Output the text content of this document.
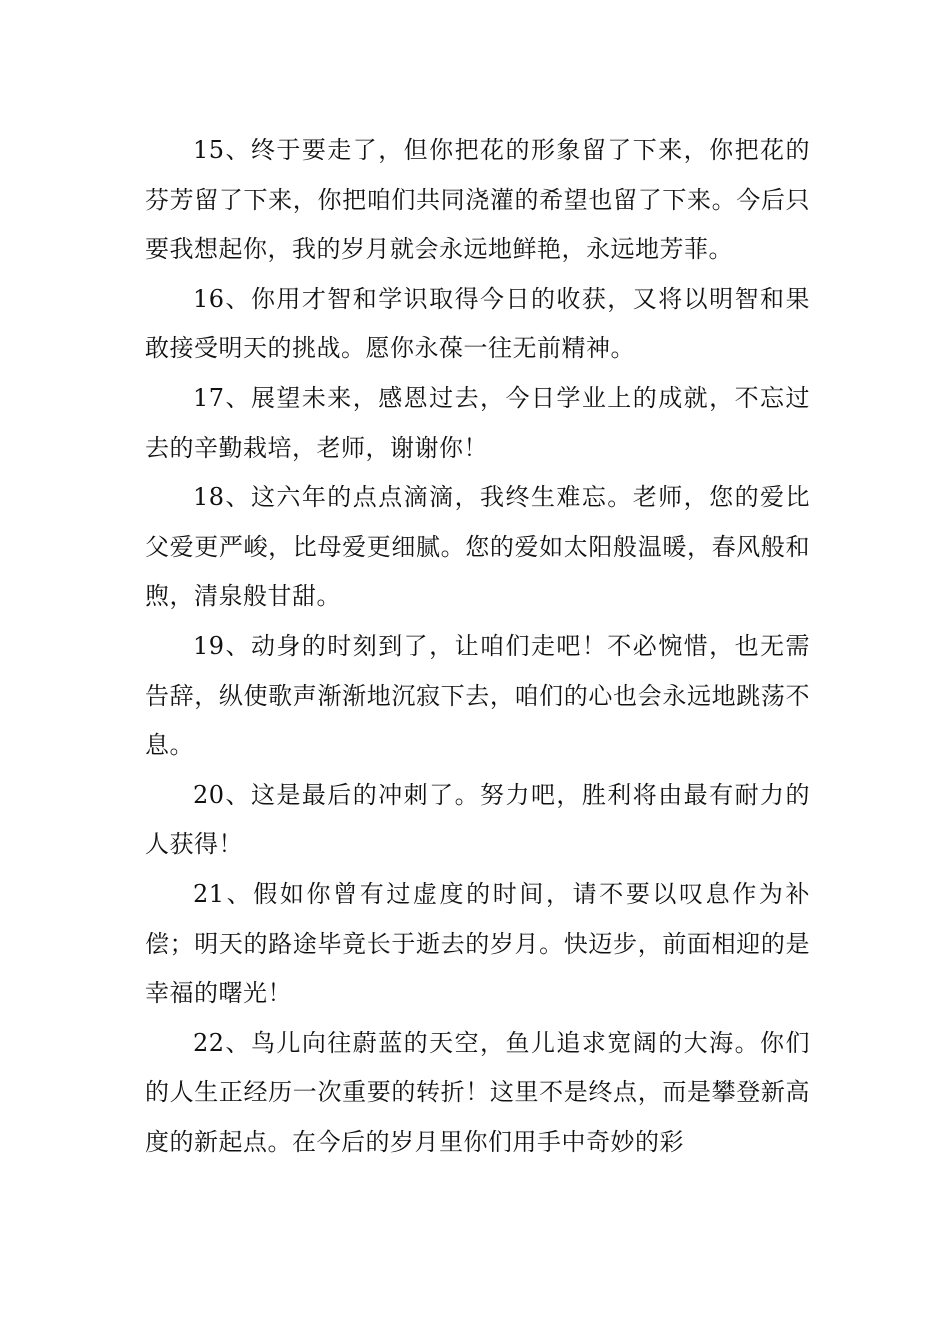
15、终于要走了，但你把花的形象留了下来，你把花的芬芳留了下来，你把咱们共同浇灌的希望也留了下来。今后只要我想起你，我的岁月就会永远地鲜艳，永远地芳菲。

16、你用才智和学识取得今日的收获，又将以明智和果敢接受明天的挑战。愿你永葆一往无前精神。

17、展望未来，感恩过去，今日学业上的成就，不忘过去的辛勤栽培，老师，谢谢你！

18、这六年的点点滴滴，我终生难忘。老师，您的爱比父爱更严峻，比母爱更细腻。您的爱如太阳般温暖，春风般和煦，清泉般甘甜。

19、动身的时刻到了，让咱们走吧！不必惋惜，也无需告辞，纵使歌声渐渐地沉寂下去，咱们的心也会永远地跳荡不息。

20、这是最后的冲刺了。努力吧，胜利将由最有耐力的人获得！

21、假如你曾有过虚度的时间，请不要以叹息作为补偿；明天的路途毕竟长于逝去的岁月。快迈步，前面相迎的是幸福的曙光！

22、鸟儿向往蔚蓝的天空，鱼儿追求宽阔的大海。你们的人生正经历一次重要的转折！这里不是终点，而是攀登新高度的新起点。在今后的岁月里你们用手中奇妙的彩
